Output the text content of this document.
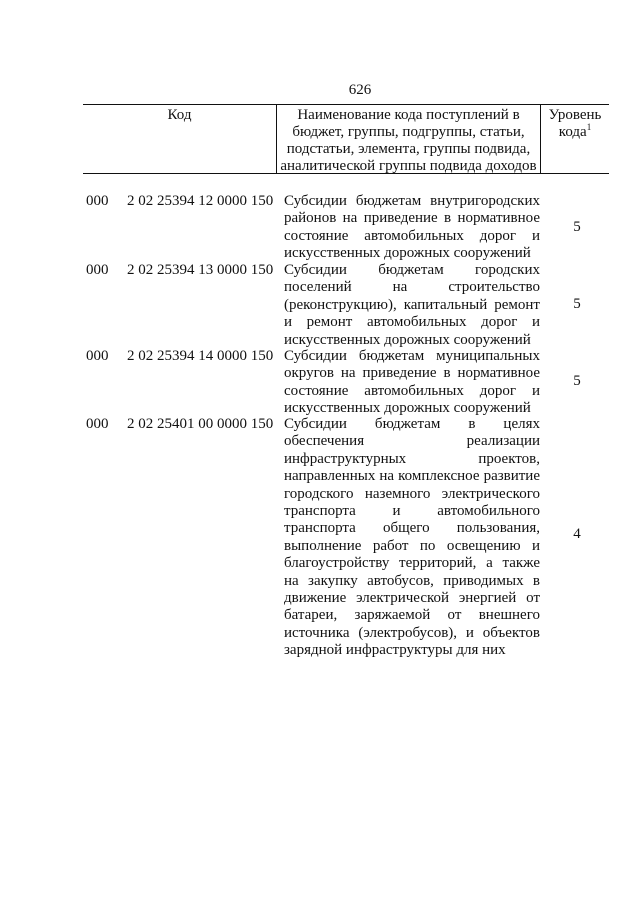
626
Код	Наименование кода поступлений в бюджет, группы, подгруппы, статьи, подстатьи, элемента, группы подвида, аналитической группы подвида доходов
Уровень кода$^1$
000 2 02 25394 12 0000 150 Субсидии бюджетам внутригородских районов на приведение в нормативное состояние автомобильных дорог и искусственных дорожных сооружений
5
000 2 02 25394 13 0000 150 Субсидии бюджетам городских поселений на строительство (реконструкцию), капитальный ремонт и ремонт автомобильных дорог и искусственных дорожных сооружений
5
000 2 02 25394 14 0000 150 Субсидии бюджетам муниципальных округов на приведение в нормативное состояние автомобильных дорог и искусственных дорожных сооружений
5
000 2 02 25401 00 0000 150 Субсидии бюджетам в целях обеспечения реализации инфраструктурных проектов, направленных на комплексное развитие городского наземного электрического транспорта и автомобильного транспорта общего пользования, выполнение работ по освещению и благоустройству территорий, а также на закупку автобусов, приводимых в движение электрической энергией от батареи, заряжаемой от внешнего источника (электробусов), и объектов зарядной инфраструктуры для них
4
